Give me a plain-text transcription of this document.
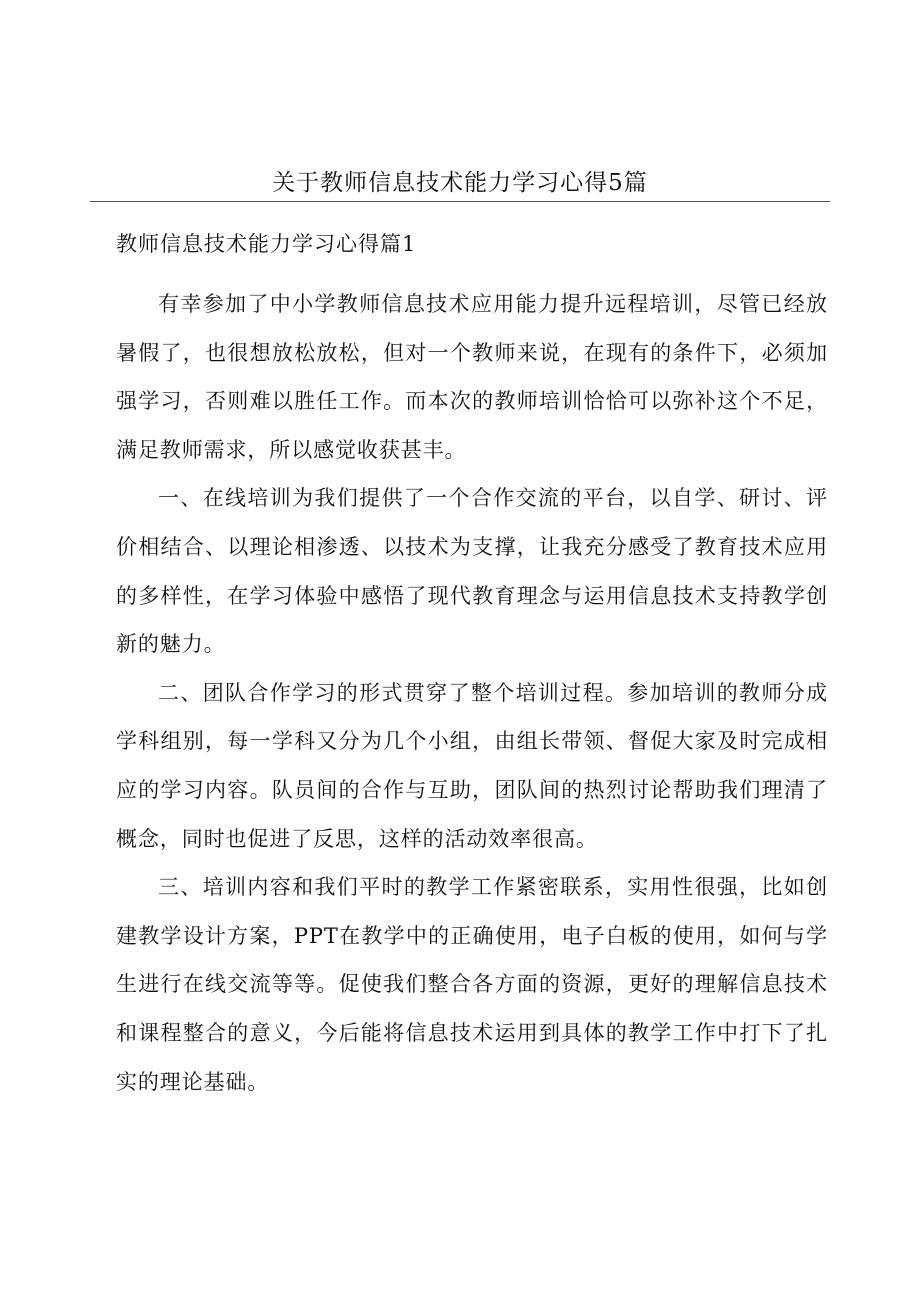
关于教师信息技术能力学习心得5篇
教师信息技术能力学习心得篇1

有幸参加了中小学教师信息技术应用能力提升远程培训，尽管已经放暑假了，也很想放松放松，但对一个教师来说，在现有的条件下，必须加强学习，否则难以胜任工作。而本次的教师培训恰恰可以弥补这个不足，满足教师需求，所以感觉收获甚丰。

一、在线培训为我们提供了一个合作交流的平台，以自学、研讨、评价相结合、以理论相渗透、以技术为支撑，让我充分感受了教育技术应用的多样性，在学习体验中感悟了现代教育理念与运用信息技术支持教学创新的魅力。

二、团队合作学习的形式贯穿了整个培训过程。参加培训的教师分成学科组别，每一学科又分为几个小组，由组长带领、督促大家及时完成相应的学习内容。队员间的合作与互助，团队间的热烈讨论帮助我们理清了概念，同时也促进了反思，这样的活动效率很高。

三、培训内容和我们平时的教学工作紧密联系，实用性很强，比如创建教学设计方案，PPT在教学中的正确使用，电子白板的使用，如何与学生进行在线交流等等。促使我们整合各方面的资源，更好的理解信息技术和课程整合的意义，今后能将信息技术运用到具体的教学工作中打下了扎实的理论基础。
